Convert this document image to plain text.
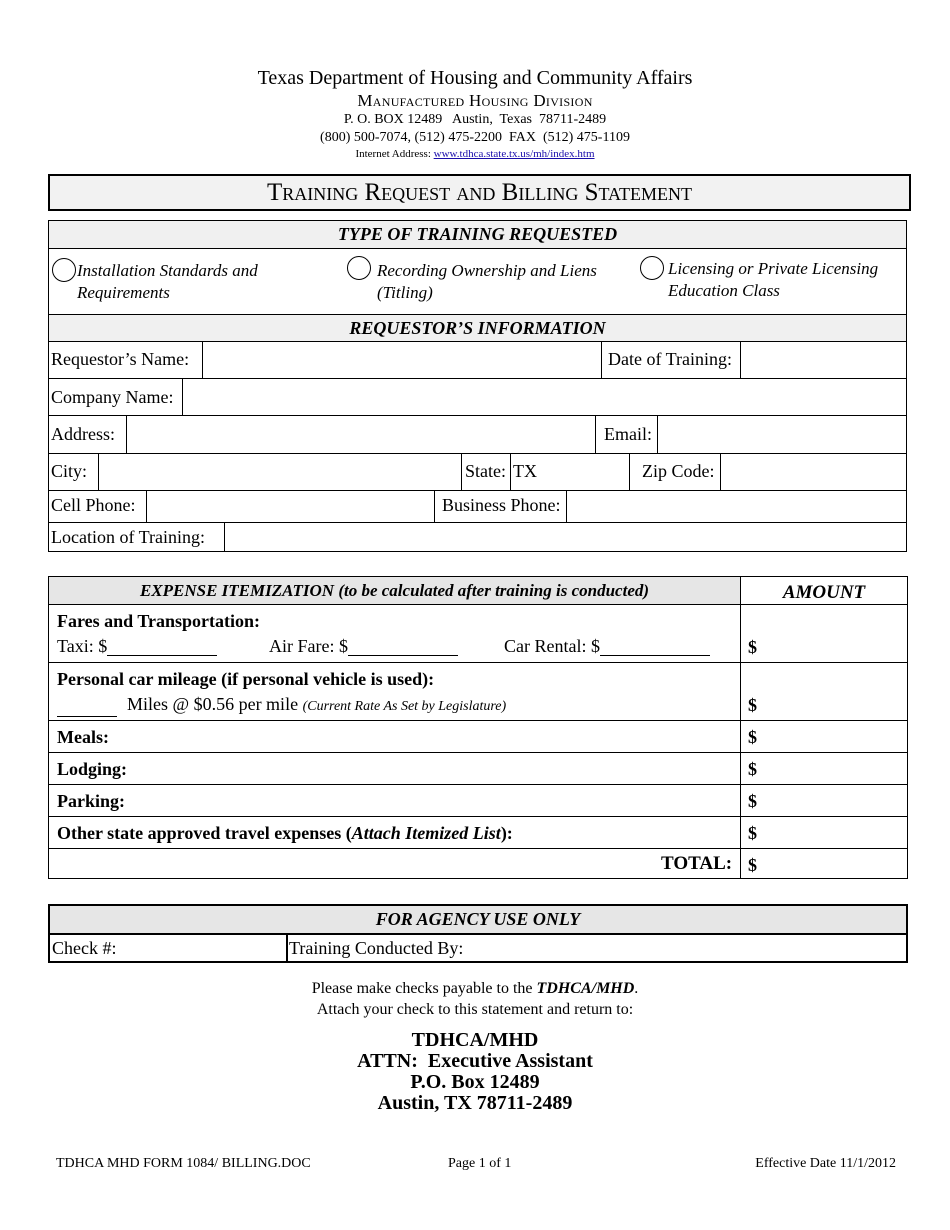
Texas Department of Housing and Community Affairs
Manufactured Housing Division
P. O. BOX 12489   Austin,  Texas  78711-2489
(800) 500-7074, (512) 475-2200  FAX  (512) 475-1109
Internet Address: www.tdhca.state.tx.us/mh/index.htm
Training Request and Billing Statement
TYPE OF TRAINING REQUESTED
Installation Standards and Requirements
Recording Ownership and Liens (Titling)
Licensing or Private Licensing Education Class
REQUESTOR’S INFORMATION
Requestor’s Name:	Date of Training:
Company Name:
Address:	Email:
City:	State: TX	Zip Code:
Cell Phone:	Business Phone:
Location of Training:
EXPENSE ITEMIZATION (to be calculated after training is conducted)	AMOUNT
Fares and Transportation:
Taxi: $	Air Fare: $	Car Rental: $	$
Personal car mileage (if personal vehicle is used):
Miles @ $0.56 per mile (Current Rate As Set by Legislature)	$
Meals:	$
Lodging:	$
Parking:	$
Other state approved travel expenses (Attach Itemized List):	$
TOTAL: $
FOR AGENCY USE ONLY
Check #:	Training Conducted By:
Please make checks payable to the TDHCA/MHD.
Attach your check to this statement and return to:
TDHCA/MHD
ATTN:  Executive Assistant
P.O. Box 12489
Austin, TX 78711-2489
TDHCA MHD FORM 1084/ BILLING.DOC	Page 1 of 1	Effective Date 11/1/2012
